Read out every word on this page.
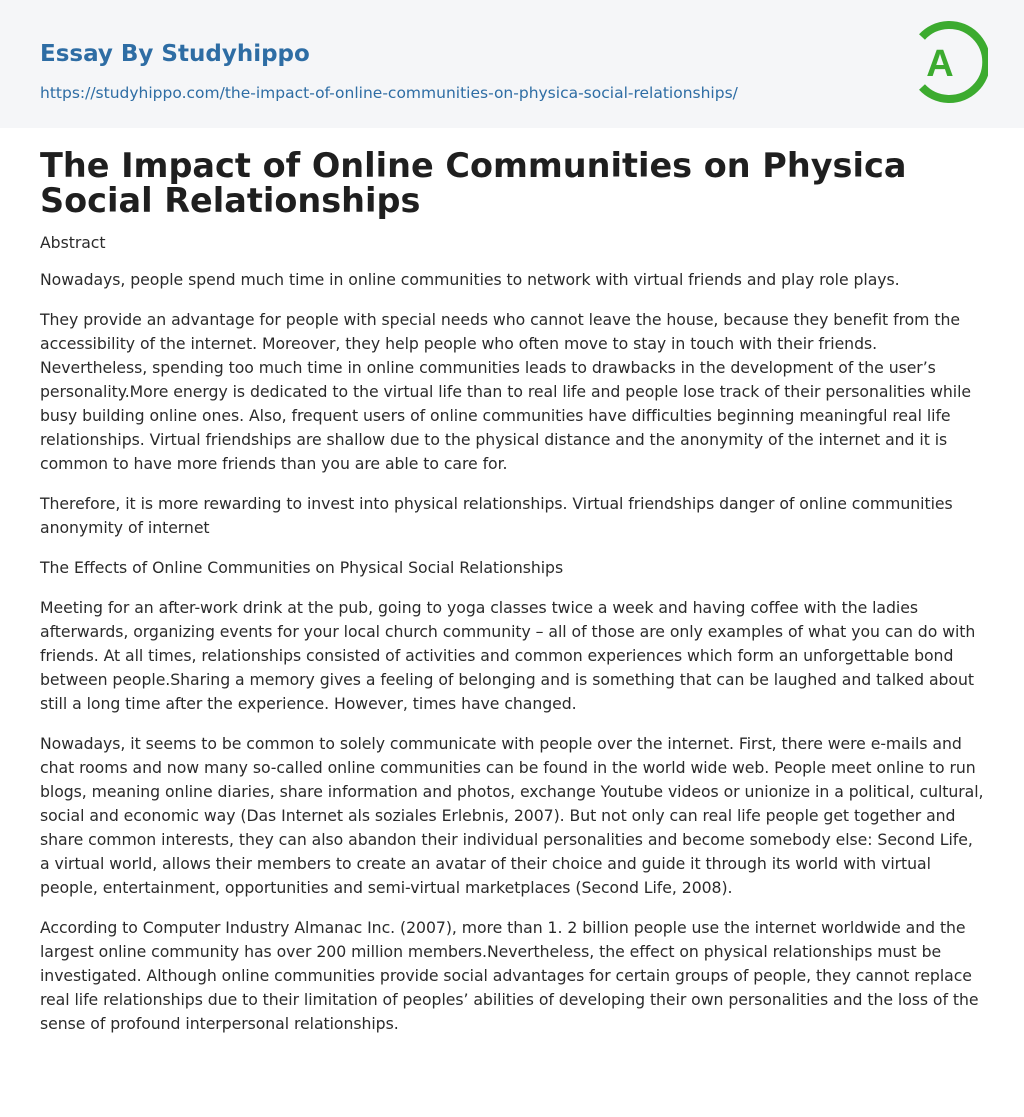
Essay By Studyhippo
https://studyhippo.com/the-impact-of-online-communities-on-physica-social-relationships/
A
The Impact of Online Communities on Physica Social Relationships

Abstract

Nowadays, people spend much time in online communities to network with virtual friends and play role plays.

They provide an advantage for people with special needs who cannot leave the house, because they benefit from the accessibility of the internet. Moreover, they help people who often move to stay in touch with their friends. Nevertheless, spending too much time in online communities leads to drawbacks in the development of the user’s personality.More energy is dedicated to the virtual life than to real life and people lose track of their personalities while busy building online ones. Also, frequent users of online communities have difficulties beginning meaningful real life relationships. Virtual friendships are shallow due to the physical distance and the anonymity of the internet and it is common to have more friends than you are able to care for.

Therefore, it is more rewarding to invest into physical relationships. Virtual friendships danger of online communities anonymity of internet

The Effects of Online Communities on Physical Social Relationships

Meeting for an after-work drink at the pub, going to yoga classes twice a week and having coffee with the ladies afterwards, organizing events for your local church community – all of those are only examples of what you can do with friends. At all times, relationships consisted of activities and common experiences which form an unforgettable bond between people.Sharing a memory gives a feeling of belonging and is something that can be laughed and talked about still a long time after the experience. However, times have changed.

Nowadays, it seems to be common to solely communicate with people over the internet. First, there were e-mails and chat rooms and now many so-called online communities can be found in the world wide web. People meet online to run blogs, meaning online diaries, share information and photos, exchange Youtube videos or unionize in a political, cultural, social and economic way (Das Internet als soziales Erlebnis, 2007). But not only can real life people get together and share common interests, they can also abandon their individual personalities and become somebody else: Second Life, a virtual world, allows their members to create an avatar of their choice and guide it through its world with virtual people, entertainment, opportunities and semi-virtual marketplaces (Second Life, 2008).

According to Computer Industry Almanac Inc. (2007), more than 1. 2 billion people use the internet worldwide and the largest online community has over 200 million members.Nevertheless, the effect on physical relationships must be investigated. Although online communities provide social advantages for certain groups of people, they cannot replace real life relationships due to their limitation of peoples’ abilities of developing their own personalities and the loss of the sense of profound interpersonal relationships.
